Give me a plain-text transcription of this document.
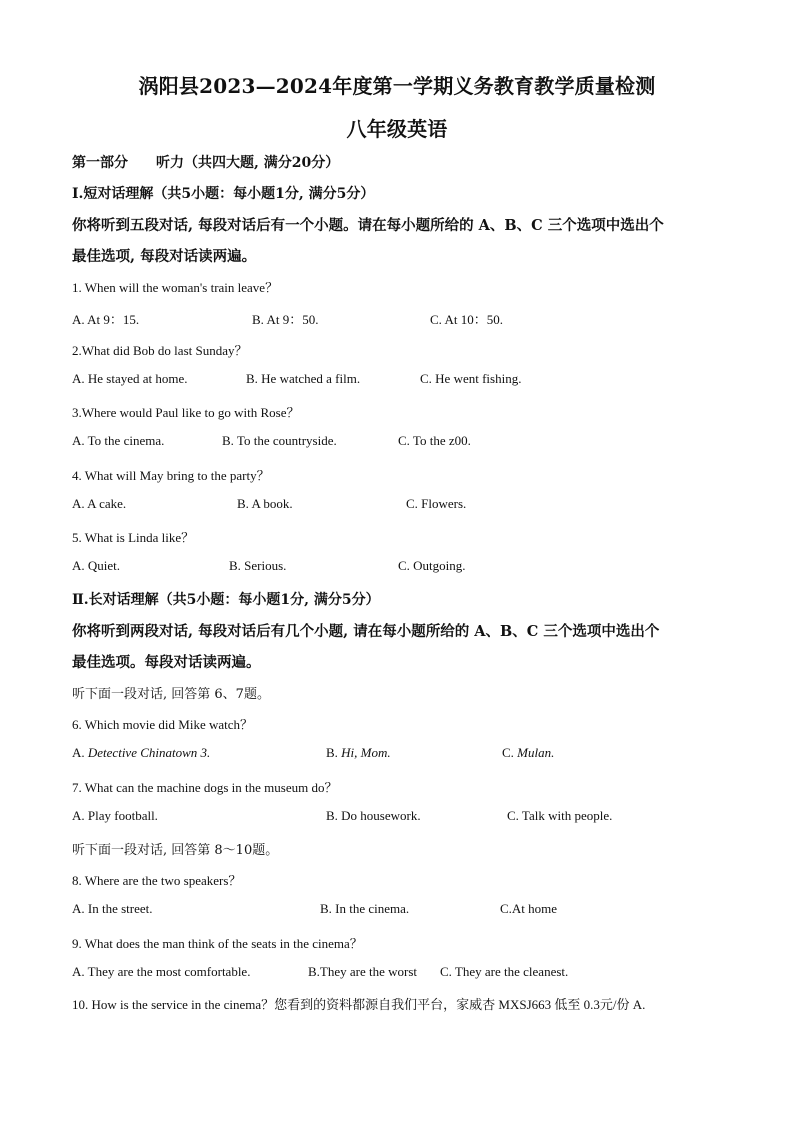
涡阳县2023—2024年度第一学期义务教育教学质量检测
八年级英语
第一部分 听力（共四大题, 满分20分）
I.短对话理解（共5小题：每小题1分, 满分5分）
你将听到五段对话, 每段对话后有一个小题。请在每小题所给的 A、B、C 三个选项中选出个
最佳选项, 每段对话读两遍。
1. When will the woman's train leave？
A. At 9：15.	B. At 9：50.	C. At 10：50.
2.What did Bob do last Sunday？
A. He stayed at home.	B. He watched a film.	C. He went fishing.
3.Where would Paul like to go with Rose？
A. To the cinema.	B. To the countryside.	C. To the z00.
4. What will May bring to the party？
A. A cake.	B. A book.	C. Flowers.
5. What is Linda like？
A. Quiet.	B. Serious.	C. Outgoing.
Ⅱ.长对话理解（共5小题：每小题1分, 满分5分）
你将听到两段对话, 每段对话后有几个小题, 请在每小题所给的 A、B、C 三个选项中选出个
最佳选项。每段对话读两遍。
听下面一段对话, 回答第 6、7题。
6. Which movie did Mike watch？
A. Detective Chinatown 3.	B. Hi, Mom.	C. Mulan.
7. What can the machine dogs in the museum do？
A. Play football.	B. Do housework.	C. Talk with people.
听下面一段对话, 回答第 8～10题。
8. Where are the two speakers？
A. In the street.	B. In the cinema.	C.At home
9. What does the man think of the seats in the cinema？
A. They are the most comfortable.	B.They are the worst C. They are the cleanest.
10. How is the service in the cinema？您看到的资料都源自我们平台，家威杏 MXSJ663 低至 0.3元/份 A.
